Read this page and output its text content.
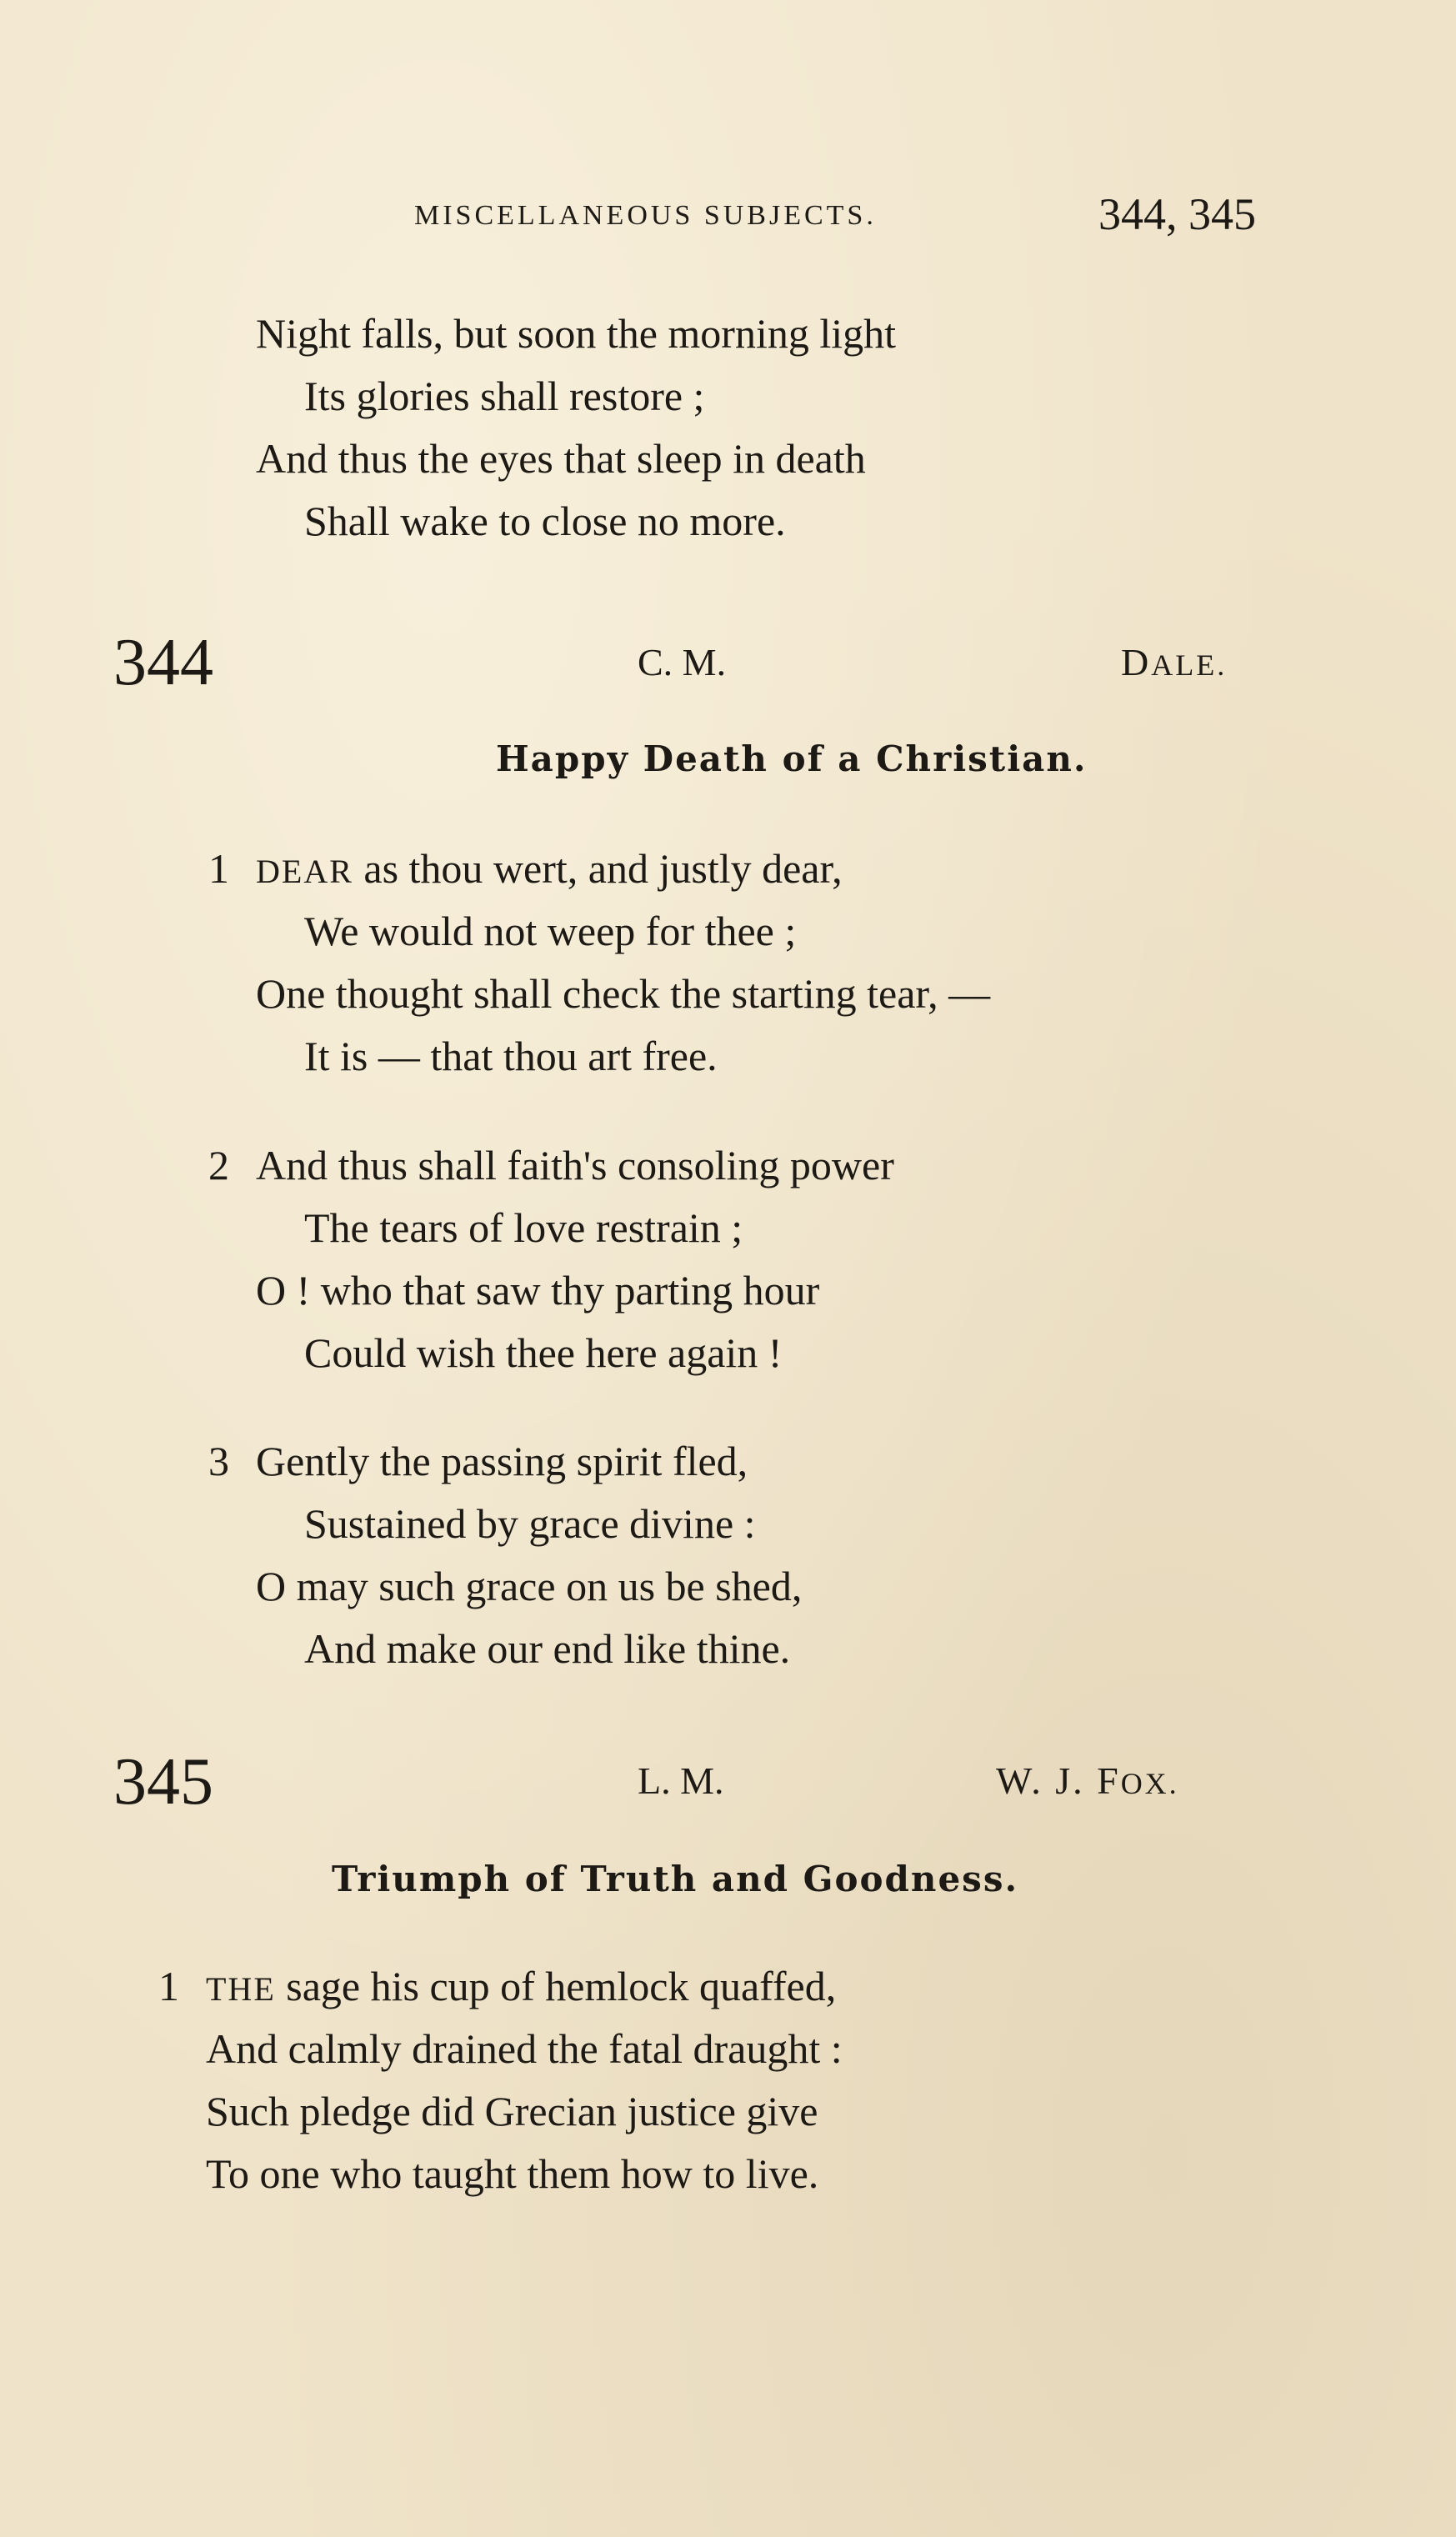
MISCELLANEOUS SUBJECTS.	344, 345
Night falls, but soon the morning light
Its glories shall restore ;
And thus the eyes that sleep in death
Shall wake to close no more.
344	C. M.	DALE.
Happy Death of a Christian.
1 DEAR as thou wert, and justly dear,
We would not weep for thee ;
One thought shall check the starting tear, —
It is — that thou art free.
2 And thus shall faith's consoling power
The tears of love restrain ;
O ! who that saw thy parting hour
Could wish thee here again !
3 Gently the passing spirit fled,
Sustained by grace divine :
O may such grace on us be shed,
And make our end like thine.
345	L. M.	W. J. FOX.
Triumph of Truth and Goodness.
1 THE sage his cup of hemlock quaffed,
And calmly drained the fatal draught :
Such pledge did Grecian justice give
To one who taught them how to live.
